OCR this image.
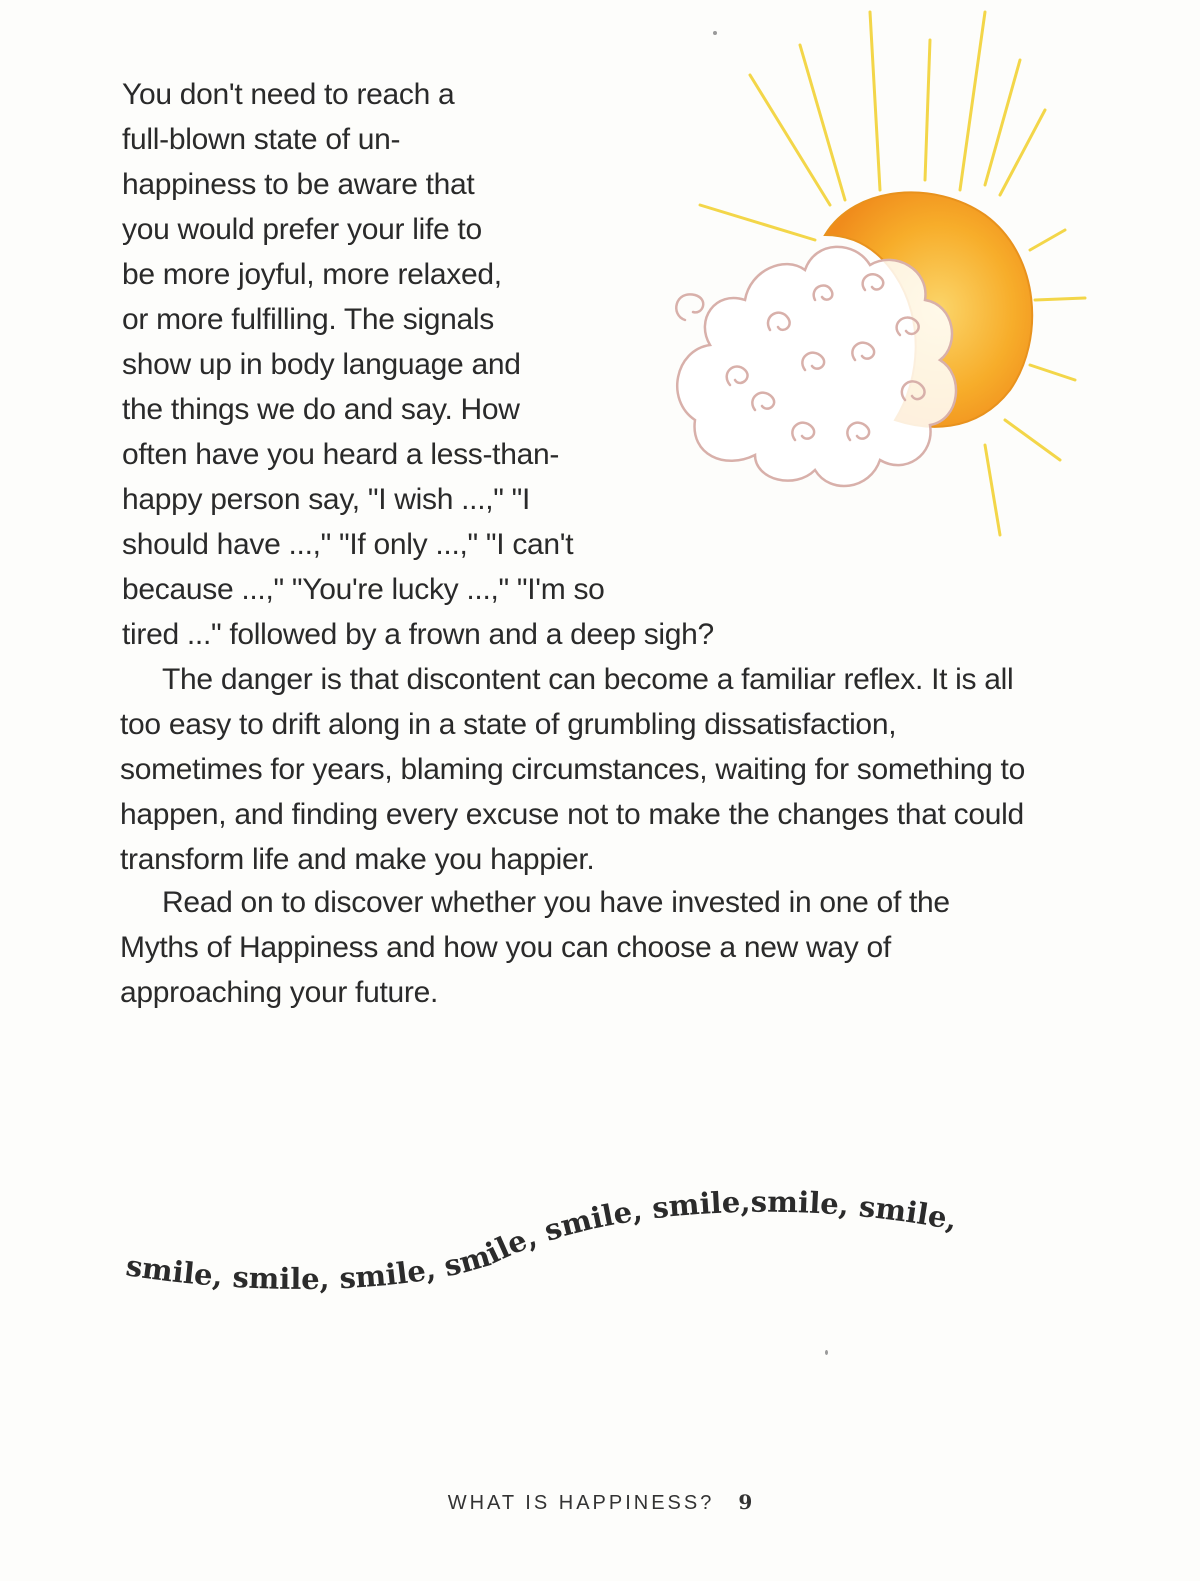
You don't need to reach a
full-blown state of un-
happiness to be aware that
you would prefer your life to
be more joyful, more relaxed,
or more fulfilling. The signals
show up in body language and
the things we do and say. How
often have you heard a less-than-
happy person say, "I wish ...," "I
should have ...," "If only ...," "I can't
because ...," "You're lucky ...," "I'm so
tired ..." followed by a frown and a deep sigh?
The danger is that discontent can become a familiar reflex. It is all
too easy to drift along in a state of grumbling dissatisfaction,
sometimes for years, blaming circumstances, waiting for something to
happen, and finding every excuse not to make the changes that could
transform life and make you happier.
Read on to discover whether you have invested in one of the
Myths of Happiness and how you can choose a new way of
approaching your future.
smile, smile, smile, smile, smile, smile,smile, smile,
WHAT IS HAPPINESS? 9
